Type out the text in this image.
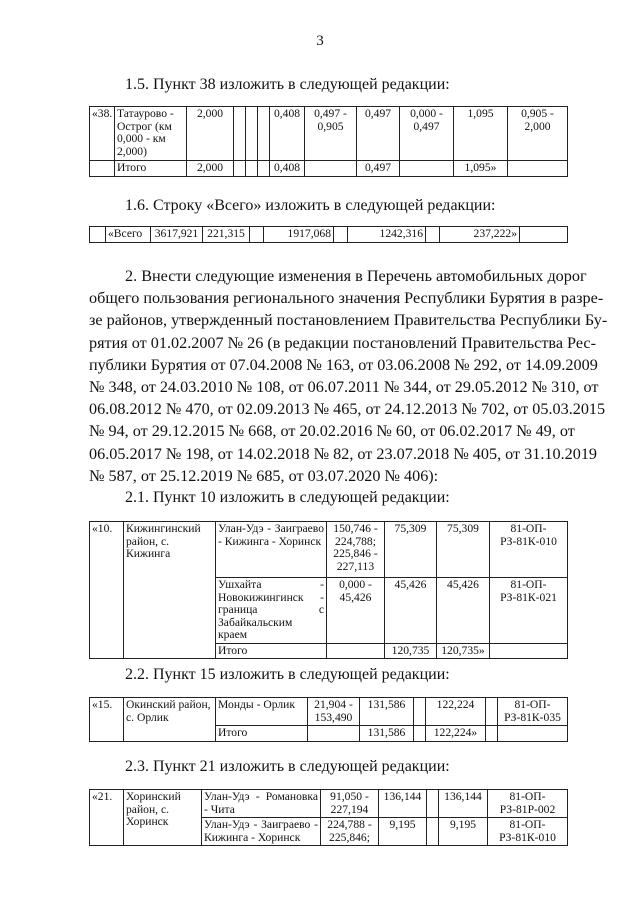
3
1.5. Пункт 38 изложить в следующей редакции:
«38.	Татаурово - Острог (км 0,000 - км 2,000)	2,000				0,408	0,497 - 0,905	0,497	0,000 - 0,497	1,095	0,905 - 2,000
	Итого	2,000				0,408		0,497		1,095»	
1.6. Строку «Всего» изложить в следующей редакции:
	«Всего	3617,921	221,315		1917,068		1242,316		237,222»	
2. Внести следующие изменения в Перечень автомобильных дорог
общего пользования регионального значения Республики Бурятия в разре-
зе районов, утвержденный постановлением Правительства Республики Бу-
рятия от 01.02.2007 № 26 (в редакции постановлений Правительства Рес-
публики Бурятия от 07.04.2008 № 163, от 03.06.2008 № 292, от 14.09.2009
№ 348, от 24.03.2010 № 108, от 06.07.2011 № 344, от 29.05.2012 № 310, от
06.08.2012 № 470, от 02.09.2013 № 465, от 24.12.2013 № 702, от 05.03.2015
№ 94, от 29.12.2015 № 668, от 20.02.2016 № 60, от 06.02.2017 № 49, от
06.05.2017 № 198, от 14.02.2018 № 82, от 23.07.2018 № 405, от 31.10.2019
№ 587, от 25.12.2019 № 685, от 03.07.2020 № 406):
2.1. Пункт 10 изложить в следующей редакции:
«10.	Кижингинский район, с. Кижинга	Улан-Удэ - Заиграево - Кижинга - Хоринск	150,746 - 224,788; 225,846 - 227,113	75,309	75,309	81-ОП-РЗ-81К-010
		Ушхайта - Новокижингинск - граница с Забайкальским краем	0,000 - 45,426	45,426	45,426	81-ОП-РЗ-81К-021
		Итого		120,735	120,735»	
2.2. Пункт 15 изложить в следующей редакции:
«15.	Окинский район, с. Орлик	Монды - Орлик	21,904 - 153,490	131,586		122,224		81-ОП-РЗ-81К-035
		Итого		131,586		122,224»		
2.3. Пункт 21 изложить в следующей редакции:
«21.	Хоринский район, с. Хоринск	Улан-Удэ - Романовка - Чита	91,050 - 227,194	136,144		136,144	81-ОП-РЗ-81Р-002
		Улан-Удэ - Заиграево - Кижинга - Хоринск	224,788 - 225,846;	9,195		9,195	81-ОП-РЗ-81К-010
